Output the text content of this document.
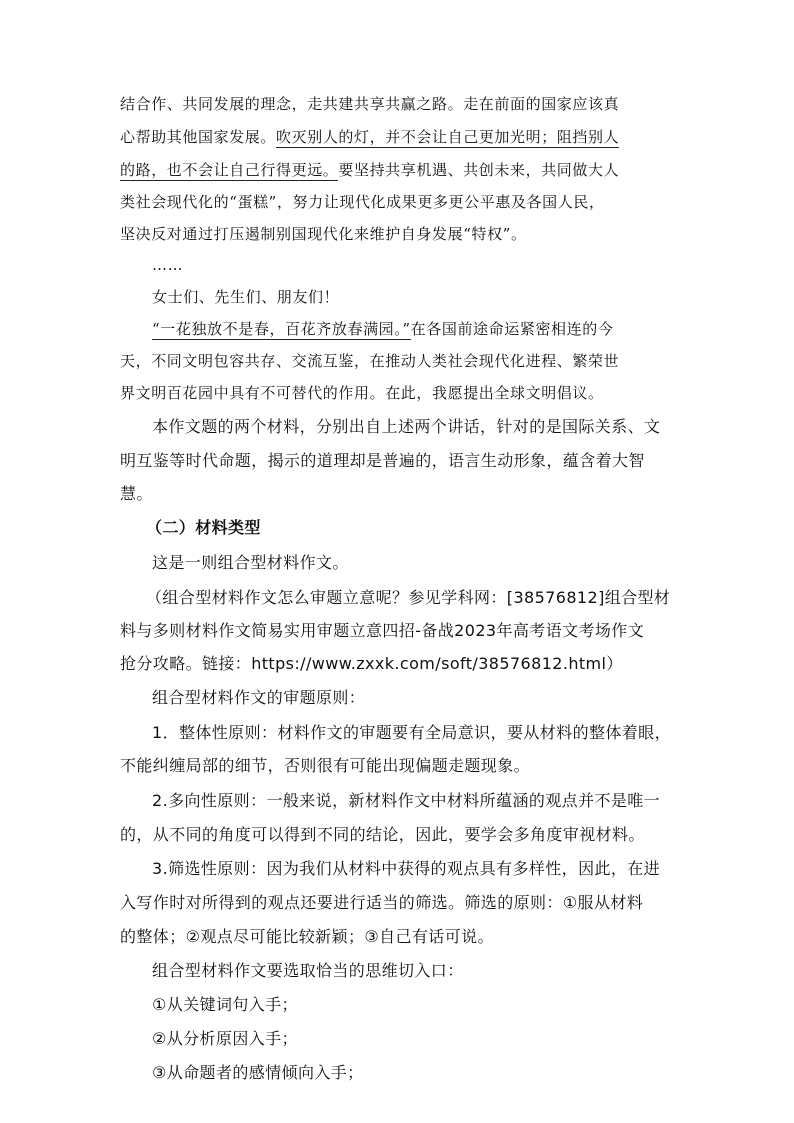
结合作、共同发展的理念，走共建共享共赢之路。走在前面的国家应该真
心帮助其他国家发展。吹灭别人的灯，并不会让自己更加光明；阻挡别人
的路，也不会让自己行得更远。要坚持共享机遇、共创未来，共同做大人
类社会现代化的“蛋糕”，努力让现代化成果更多更公平惠及各国人民，
坚决反对通过打压遏制别国现代化来维护自身发展“特权”。
……
女士们、先生们、朋友们！
“一花独放不是春，百花齐放春满园。”在各国前途命运紧密相连的今
天，不同文明包容共存、交流互鉴，在推动人类社会现代化进程、繁荣世
界文明百花园中具有不可替代的作用。在此，我愿提出全球文明倡议。
本作文题的两个材料，分别出自上述两个讲话，针对的是国际关系、文
明互鉴等时代命题，揭示的道理却是普遍的，语言生动形象，蕴含着大智
慧。
（二）材料类型
这是一则组合型材料作文。
（组合型材料作文怎么审题立意呢？参见学科网：[38576812]组合型材
料与多则材料作文简易实用审题立意四招-备战2023年高考语文考场作文
抢分攻略。链接：https://www.zxxk.com/soft/38576812.html）
组合型材料作文的审题原则：
1．整体性原则：材料作文的审题要有全局意识，要从材料的整体着眼，
不能纠缠局部的细节，否则很有可能出现偏题走题现象。
2.多向性原则：一般来说，新材料作文中材料所蕴涵的观点并不是唯一
的，从不同的角度可以得到不同的结论，因此，要学会多角度审视材料。
3.筛选性原则：因为我们从材料中获得的观点具有多样性，因此，在进
入写作时对所得到的观点还要进行适当的筛选。筛选的原则：①服从材料
的整体；②观点尽可能比较新颖；③自己有话可说。
组合型材料作文要选取恰当的思维切入口：
①从关键词句入手；
②从分析原因入手；
③从命题者的感情倾向入手；
